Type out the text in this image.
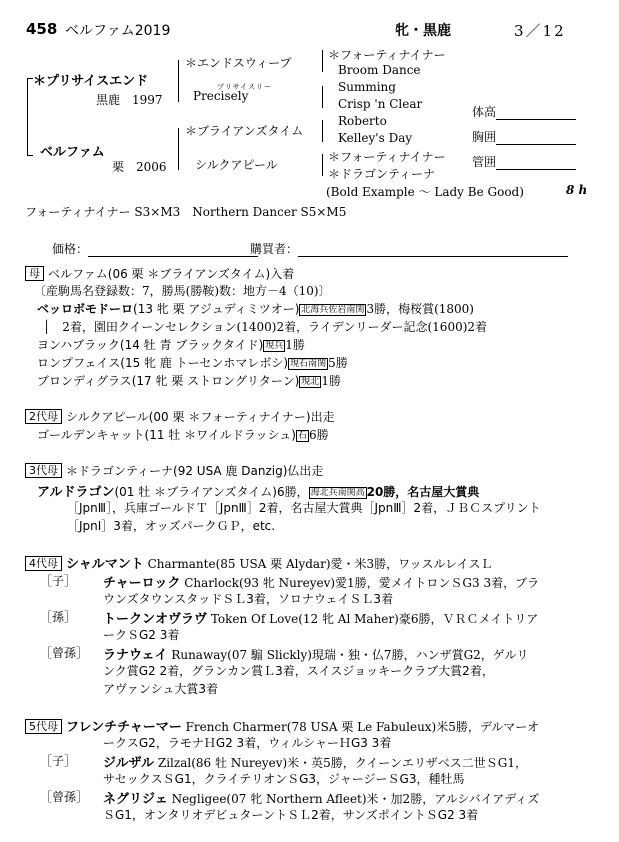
458 ベルファム2019	牝・黒鹿	3／12
＊プリサイスエンド
黒鹿　1997
ベルファム
栗　2006
＊エンドスウィープ
プリサイスリー
Precisely
＊ブライアンズタイム
シルクアピール
＊フォーティナイナー
Broom Dance
Summing
Crisp 'n Clear
Roberto
Kelley's Day
＊フォーティナイナー
＊ドラゴンティーナ
(Bold Example ～ Lady Be Good)	8 h
体高
胸囲
管囲
フォーティナイナー S3×M3　Northern Dancer S5×M5
価格：	購買者：
母 ベルファム(06 栗 ＊ブライアンズタイム)入着
〔産駒馬名登録数：7，勝馬(勝鞍)数：地方－4（10)〕
ベッロボモドーロ(13 牝 栗 アジュディミツオー) 北海兵佐岩南関 3勝，梅桜賞(1800)
│　2着，園田クイーンセレクション(1400)2着，ライデンリーダー記念(1600)2着
ヨンハブラック(14 牡 青 ブラックタイド) 現兵 1勝
ロンプフェイス(15 牝 鹿 トーセンホマレボシ) 現石南関 5勝
ブロンディグラス(17 牝 栗 ストロングリターン) 現北 1勝
2代母 シルクアピール(00 栗 ＊フォーティナイナー)出走
ゴールデンキャット(11 牡 ＊ワイルドラッシュ) 石 6勝
3代母 ＊ドラゴンティーナ(92 USA 鹿 Danzig)仏出走
アルドラゴン(01 牡 ＊ブライアンズタイム)6勝， 海北兵南関高 20勝，名古屋大賞典
［JpnⅢ］，兵庫ゴールドＴ［JpnⅢ］2着，名古屋大賞典［JpnⅢ］2着，ＪＢＣスプリント
［JpnⅠ］3着，オッズパークＧＰ，etc.
4代母 シャルマント Charmante(85 USA 栗 Alydar)愛・米3勝，ワッスルレイスＬ
［子］ チャーロック Charlock(93 牝 Nureyev)愛1勝，愛メイトロンＳG3 3着，ブラ
ウンズタウンスタッドＳＬ3着，ソロナウェイＳＬ3着
［孫］ トークンオヴラヴ Token Of Love(12 牝 Al Maher)豪6勝，ＶＲＣメイトリア
ークＳG2 3着
［曾孫］ ラナウェイ Runaway(07 騸 Slickly)現瑞・独・仏7勝，ハンザ賞G2，ゲルリ
ンク賞G2 2着，グランカン賞Ｌ3着，スイスジョッキークラブ大賞2着，
アヴァンシュ大賞3着
5代母 フレンチチャーマー French Charmer(78 USA 栗 Le Fabuleux)米5勝，デルマーオ
ークスG2，ラモナＨG2 3着，ウィルシャーＨG3 3着
［子］ ジルザル Zilzal(86 牡 Nureyev)米・英5勝，クイーンエリザベス二世ＳG1，
サセックスＳG1，クライテリオンＳG3，ジャージーＳG3，種牡馬
［曾孫］ ネグリジェ Negligee(07 牝 Northern Afleet)米・加2勝，アルシバイアディズ
ＳG1，オンタリオデビュターントＳＬ2着，サンズポイントＳG2 3着
